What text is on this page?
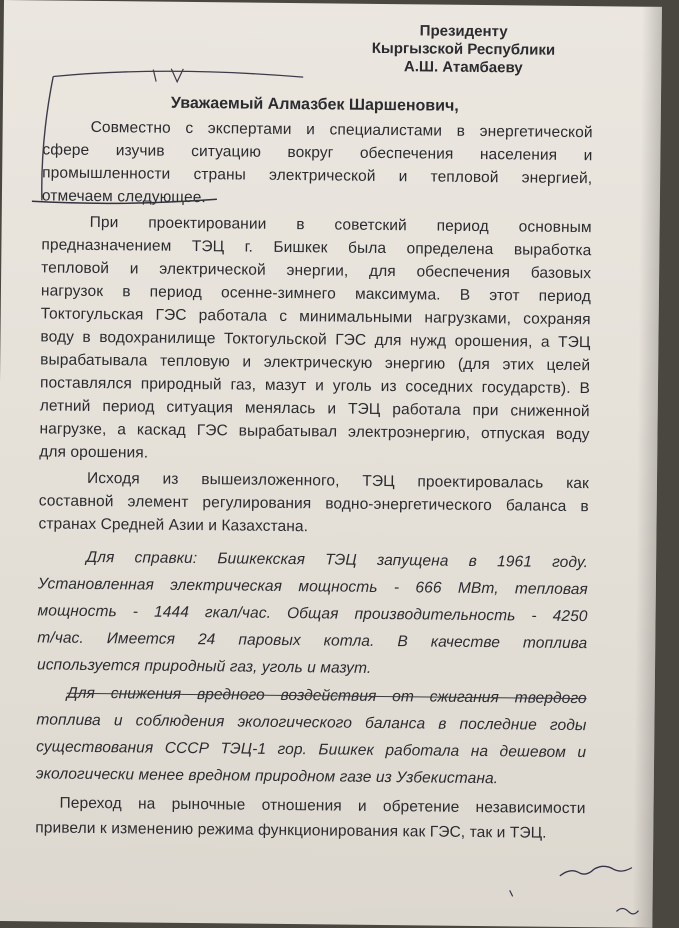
Президенту
Кыргызской Республики
А.Ш. Атамбаеву
Уважаемый Алмазбек Шаршенович,
Совместно с экспертами и специалистами в энергетической
сфере изучив ситуацию вокруг обеспечения населения и
промышленности страны электрической и тепловой энергией,
отмечаем следующее.
При проектировании в советский период основным
предназначением ТЭЦ г. Бишкек была определена выработка
тепловой и электрической энергии, для обеспечения базовых
нагрузок в период осенне-зимнего максимума. В этот период
Токтогульская ГЭС работала с минимальными нагрузками, сохраняя
воду в водохранилище Токтогульской ГЭС для нужд орошения, а ТЭЦ
вырабатывала тепловую и электрическую энергию (для этих целей
поставлялся природный газ, мазут и уголь из соседних государств). В
летний период ситуация менялась и ТЭЦ работала при сниженной
нагрузке, а каскад ГЭС вырабатывал электроэнергию, отпуская воду
для орошения.
Исходя из вышеизложенного, ТЭЦ проектировалась как
составной элемент регулирования водно-энергетического баланса в
странах Средней Азии и Казахстана.
Для справки: Бишкекская ТЭЦ запущена в 1961 году.
Установленная электрическая мощность - 666 МВт, тепловая
мощность - 1444 гкал/час. Общая производительность - 4250
т/час. Имеется 24 паровых котла. В качестве топлива
используется природный газ, уголь и мазут.
Для снижения вредного воздействия от сжигания твердого
топлива и соблюдения экологического баланса в последние годы
существования СССР ТЭЦ-1 гор. Бишкек работала на дешевом и
экологически менее вредном природном газе из Узбекистана.
Переход на рыночные отношения и обретение независимости
привели к изменению режима функционирования как ГЭС, так и ТЭЦ.
